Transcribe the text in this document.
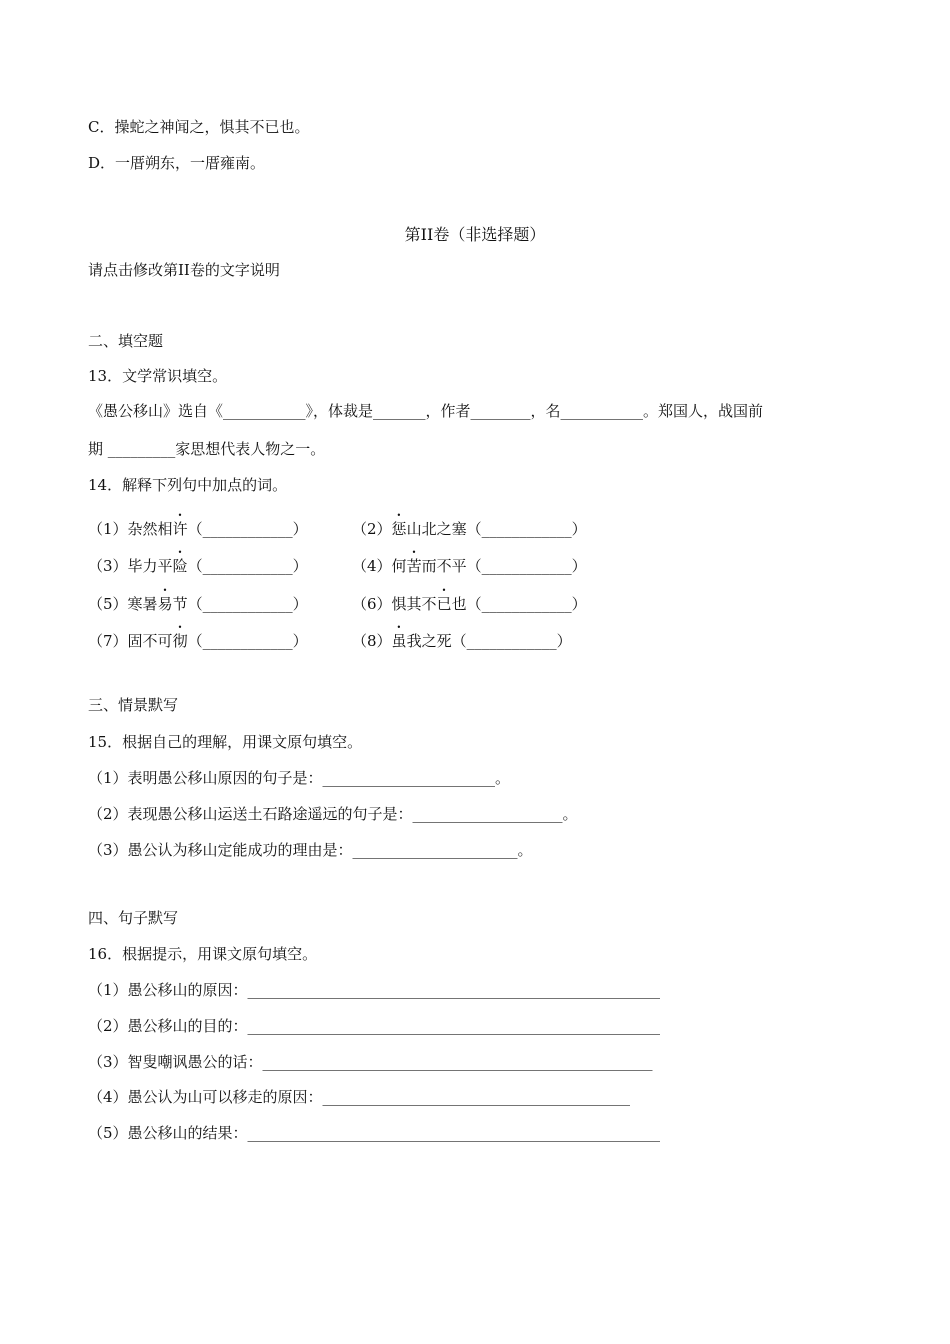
C．操蛇之神闻之，惧其不已也。
D．一厝朔东，一厝雍南。
第II卷（非选择题）
请点击修改第II卷的文字说明
二、填空题
13．文学常识填空。
《愚公移山》选自《___________》，体裁是_______，作者________，名___________。郑国人，战国前
期 _________家思想代表人物之一。
14．解释下列句中加点的词。
（1）杂然相许（____________）	（2）惩山北之塞（____________）
（3）毕力平险（____________）	（4）何苦而不平（____________）
（5）寒暑易节（____________）	（6）惧其不已也（____________）
（7）固不可彻（____________）	（8）虽我之死（____________）
三、情景默写
15．根据自己的理解，用课文原句填空。
（1）表明愚公移山原因的句子是：_______________________。
（2）表现愚公移山运送土石路途遥远的句子是：____________________。
（3）愚公认为移山定能成功的理由是：______________________。
四、句子默写
16．根据提示，用课文原句填空。
（1）愚公移山的原因：_______________________________________________________
（2）愚公移山的目的：_______________________________________________________
（3）智叟嘲讽愚公的话：____________________________________________________
（4）愚公认为山可以移走的原因：_________________________________________
（5）愚公移山的结果：_______________________________________________________
